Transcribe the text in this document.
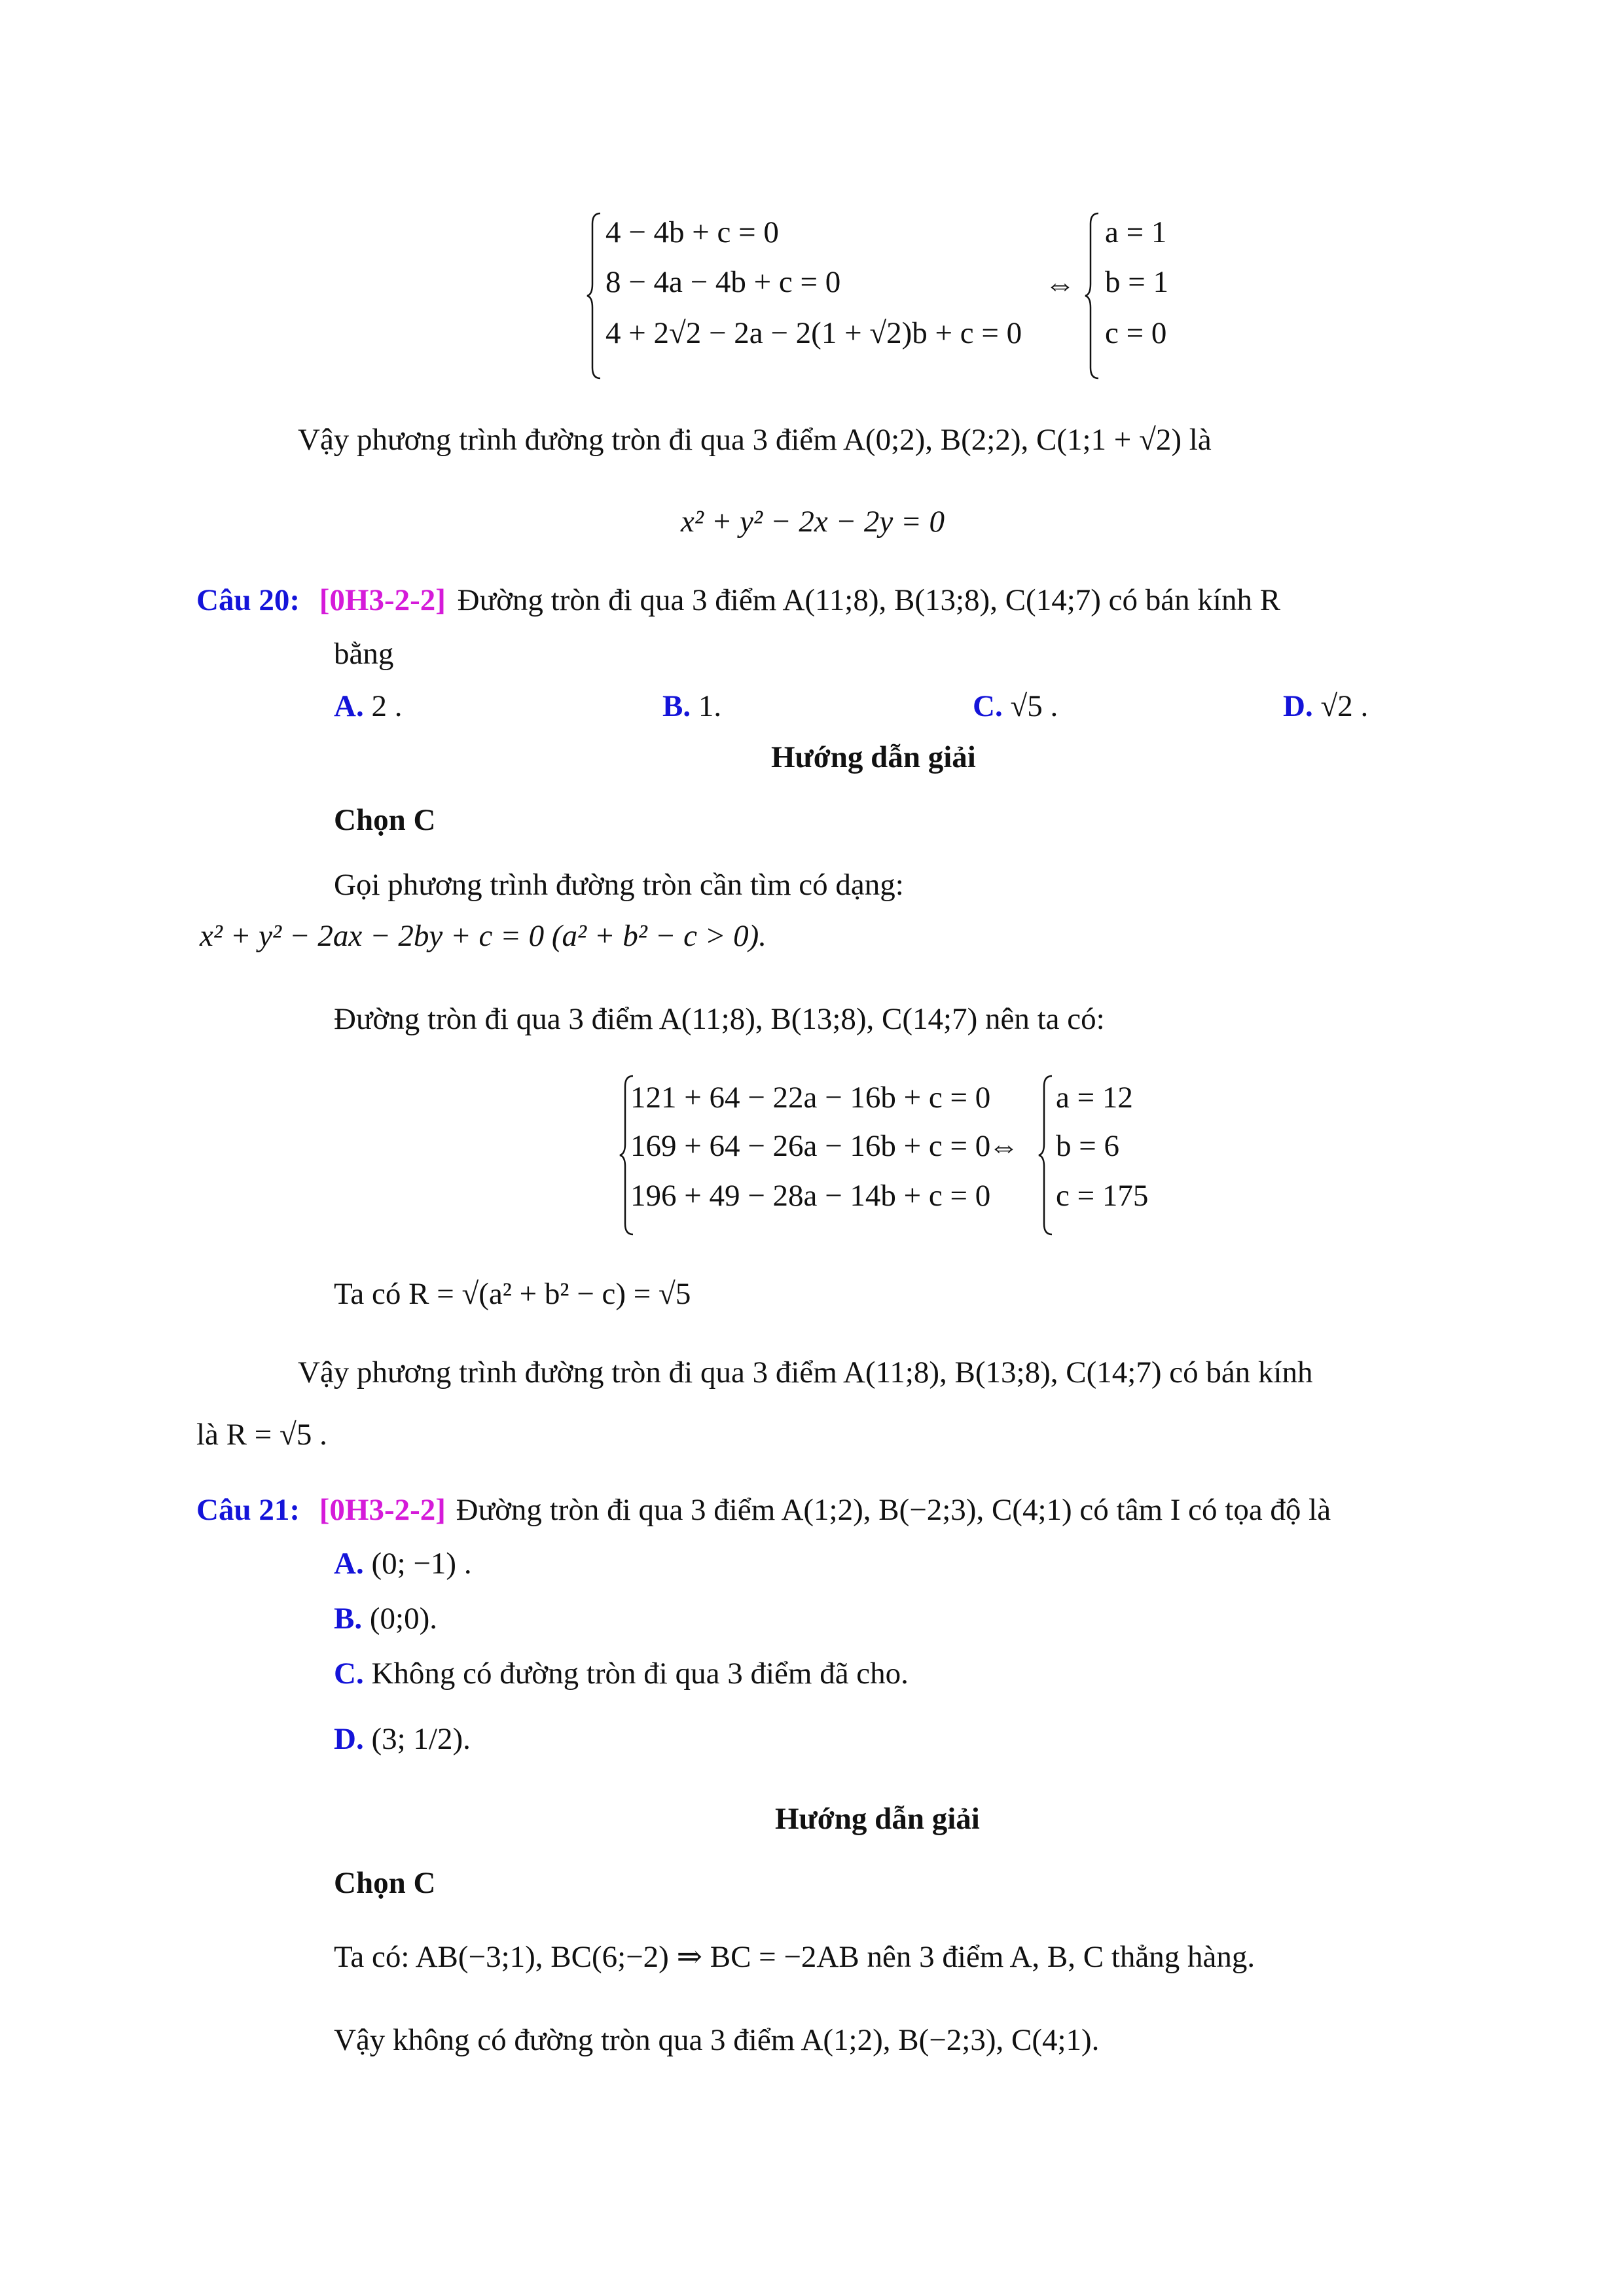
4 − 4b + c = 0
8 − 4a − 4b + c = 0
4 + 2√2 − 2a − 2(1 + √2)b + c = 0
⇔
a = 1
b = 1
c = 0
Vậy phương trình đường tròn đi qua 3 điểm A(0;2), B(2;2), C(1;1 + √2) là
x² + y² − 2x − 2y = 0
Câu 20: [0H3-2-2] Đường tròn đi qua 3 điểm A(11;8), B(13;8), C(14;7) có bán kính R
bằng
A. 2 .	B. 1.	C. √5 .	D. √2 .
Hướng dẫn giải
Chọn C
Gọi phương trình đường tròn cần tìm có dạng:
x² + y² − 2ax − 2by + c = 0 (a² + b² − c > 0).
Đường tròn đi qua 3 điểm A(11;8), B(13;8), C(14;7) nên ta có:
121 + 64 − 22a − 16b + c = 0
169 + 64 − 26a − 16b + c = 0
196 + 49 − 28a − 14b + c = 0
⇔
a = 12
b = 6
c = 175
Ta có R = √(a² + b² − c) = √5
Vậy phương trình đường tròn đi qua 3 điểm A(11;8), B(13;8), C(14;7) có bán kính
là R = √5 .
Câu 21: [0H3-2-2] Đường tròn đi qua 3 điểm A(1;2), B(−2;3), C(4;1) có tâm I có tọa độ là
A. (0; −1) .
B. (0;0).
C. Không có đường tròn đi qua 3 điểm đã cho.
D. (3; 1/2).
Hướng dẫn giải
Chọn C
Ta có: AB(−3;1), BC(6;−2) ⇒ BC = −2AB nên 3 điểm A, B, C thẳng hàng.
Vậy không có đường tròn qua 3 điểm A(1;2), B(−2;3), C(4;1).
